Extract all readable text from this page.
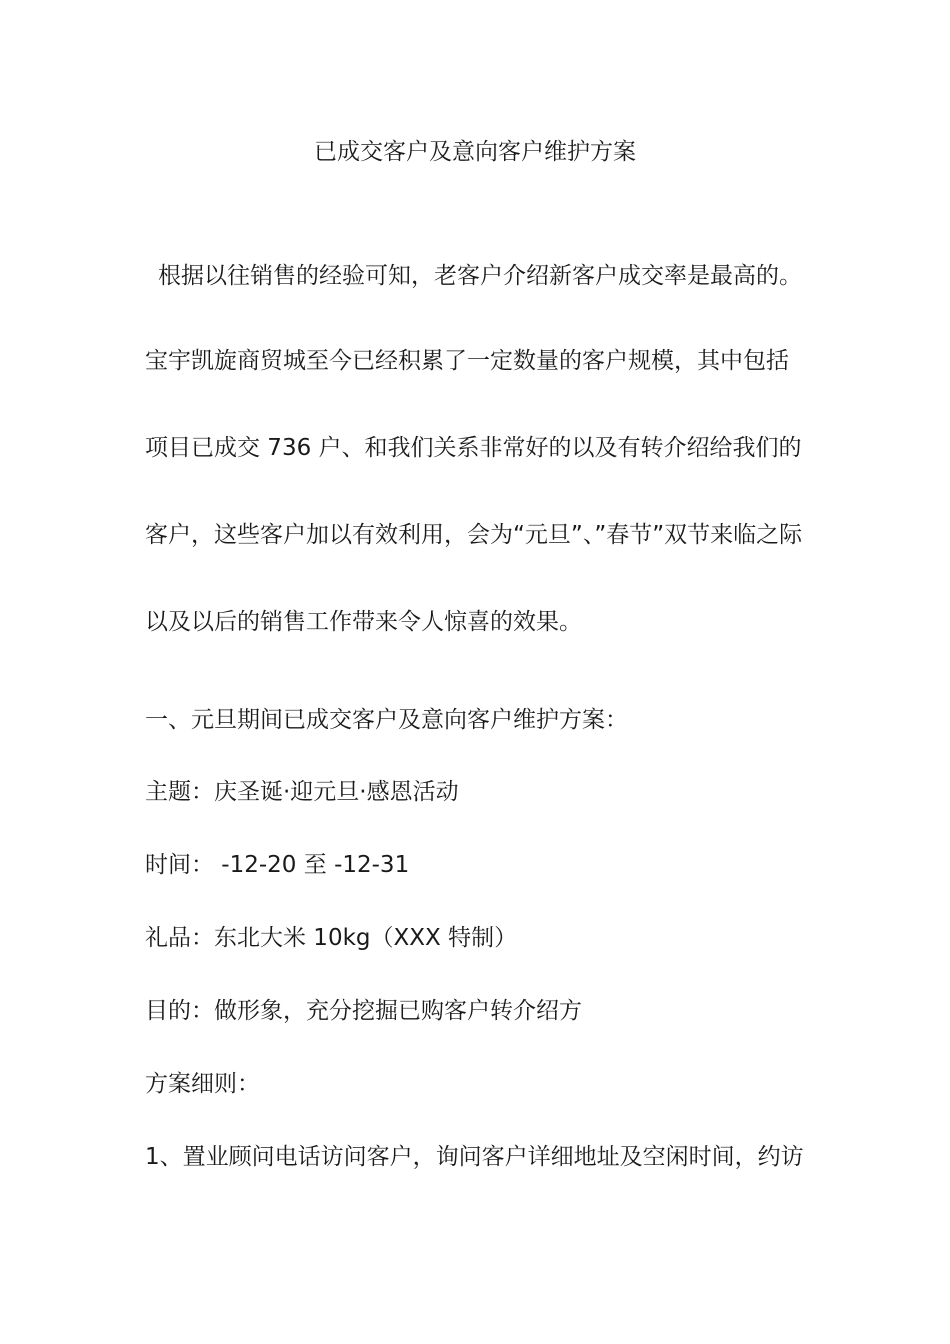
已成交客户及意向客户维护方案
根据以往销售的经验可知，老客户介绍新客户成交率是最高的。
宝宇凯旋商贸城至今已经积累了一定数量的客户规模，其中包括
项目已成交 736 户、和我们关系非常好的以及有转介绍给我们的
客户，这些客户加以有效利用，会为“元旦”、”春节”双节来临之际
以及以后的销售工作带来令人惊喜的效果。
一、元旦期间已成交客户及意向客户维护方案：
主题：庆圣诞·迎元旦·感恩活动
时间： -12-20 至 -12-31
礼品：东北大米 10kg（XXX 特制）
目的：做形象，充分挖掘已购客户转介绍方
方案细则：
1、置业顾问电话访问客户，询问客户详细地址及空闲时间，约访
